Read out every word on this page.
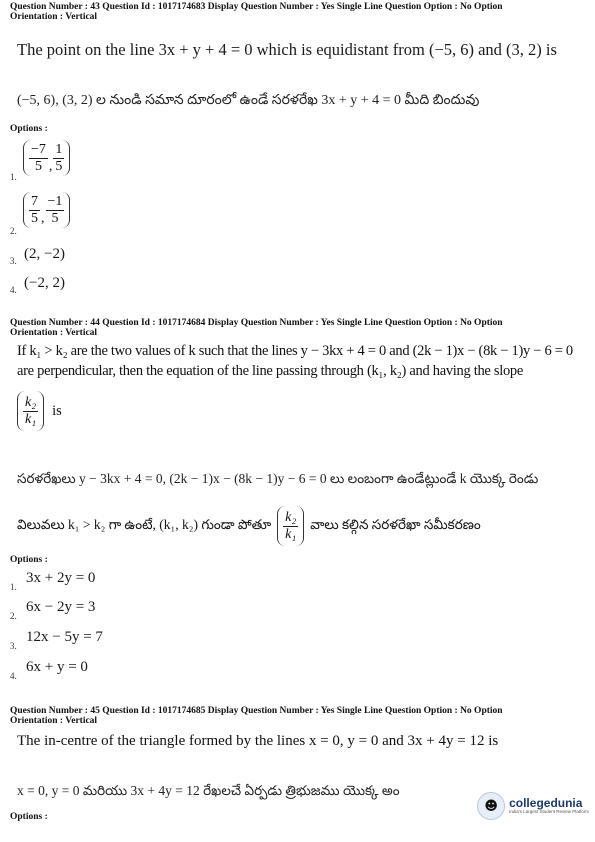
Question Number : 43 Question Id : 1017174683 Display Question Number : Yes Single Line Question Option : No Option
Orientation : Vertical
The point on the line 3x + y + 4 = 0 which is equidistant from (−5, 6) and (3, 2) is
(−5, 6), (3, 2) ల నుండి సమాన దూరంలో ఉండే సరళరేఖ 3x + y + 4 = 0 మీది బిందువు
Options :
1.
$\frac{-7}{5}$ , $\frac{1}{5}$
2.
$\frac{7}{5}$ , $\frac{-1}{5}$
3. (2, −2)
4. (−2, 2)
Question Number : 44 Question Id : 1017174684 Display Question Number : Yes Single Line Question Option : No Option
Orientation : Vertical
If k₁ > k₂ are the two values of k such that the lines y − 3kx + 4 = 0 and (2k − 1)x − (8k − 1)y − 6 = 0
are perpendicular, then the equation of the line passing through (k₁, k₂) and having the slope
$\frac{\text{k₂}}{\text{k₁}}$ is
సరళరేఖలు y − 3kx + 4 = 0, (2k − 1)x − (8k − 1)y − 6 = 0 లు లంబంగా ఉండేట్లుండే k యొక్క రెండు
విలువలు k₁ > k₂ గా ఉంటే, (k₁, k₂) గుండా పోతూ $\frac{\text{k₂}}{\text{k₁}}$ వాలు కల్గిన సరళరేఖా సమీకరణం
Options :
1.
3x + 2y = 0
2.
6x − 2y = 3
3.
12x − 5y = 7
4.
6x + y = 0
Question Number : 45 Question Id : 1017174685 Display Question Number : Yes Single Line Question Option : No Option
Orientation : Vertical
The in-centre of the triangle formed by the lines x = 0, y = 0 and 3x + 4y = 12 is
x = 0, y = 0 మరియు 3x + 4y = 12 రేఖలచే ఏర్పడు త్రిభుజము యొక్క అం
Options :
☻ collegedunia
India's Largest Student Review Platform
